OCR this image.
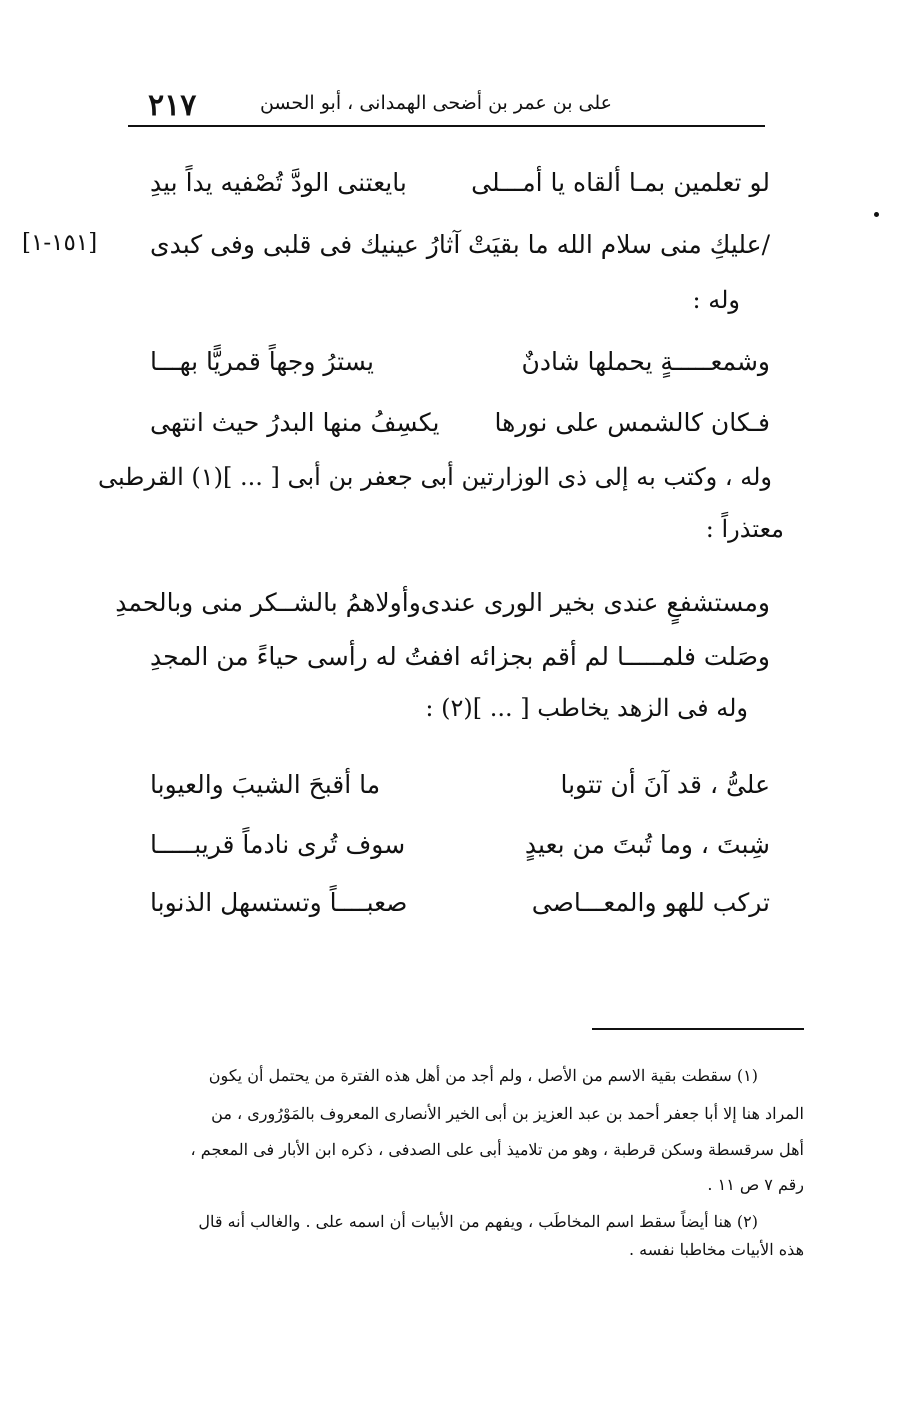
٢١٧	على بن عمر بن أضحى الهمدانى ، أبو الحسن
لو تعلمين بمـا ألقاه يا أمـــلى
بايعتنى الودَّ تُصْفيه يداً بيدِ
/عليكِ منى سلام الله ما بقيَتْ
آثارُ عينيك فى قلبى وفى كبدى
[١٥١-١]
وله :
وشمعـــــةٍ يحملها شادنٌ
يسترُ وجهاً قمريًّا بهـــا
فـكان كالشمس على نورها
يكسِفُ منها البدرُ حيث انتهى
وله ، وكتب به إلى ذى الوزارتين أبى جعفر بن أبى [ ... ](١) القرطبى
معتذراً :
ومستشفعٍ عندى بخير الورى عندى
وأولاهمُ بالشــكر منى وبالحمدِ
وصَلت فلمـــــا لم أقم بجزائه
اففتُ له رأسى حياءً من المجدِ
وله فى الزهد يخاطب [ ... ](٢) :
علىُّ ، قد آنَ أن تتوبا
ما أقبحَ الشيبَ والعيوبا
شِبتَ ، وما تُبتَ من بعيدٍ
سوف تُرى نادماً قريبـــــا
تركب للهو والمعـــاصى
صعبــــاً وتستسهل الذنوبا
(١) سقطت بقية الاسم من الأصل ، ولم أجد من أهل هذه الفترة من يحتمل أن يكون
المراد هنا إلا أبا جعفر أحمد بن عبد العزيز بن أبى الخير الأنصارى المعروف بالمَوْرُورى ، من
أهل سرقسطة وسكن قرطبة ، وهو من تلاميذ أبى على الصدفى ، ذكره ابن الأبار فى المعجم ،
رقم ٧ ص ١١ .
(٢) هنا أيضاً سقط اسم المخاطَب ، ويفهم من الأبيات أن اسمه على . والغالب أنه قال
هذه الأبيات مخاطبا نفسه .
